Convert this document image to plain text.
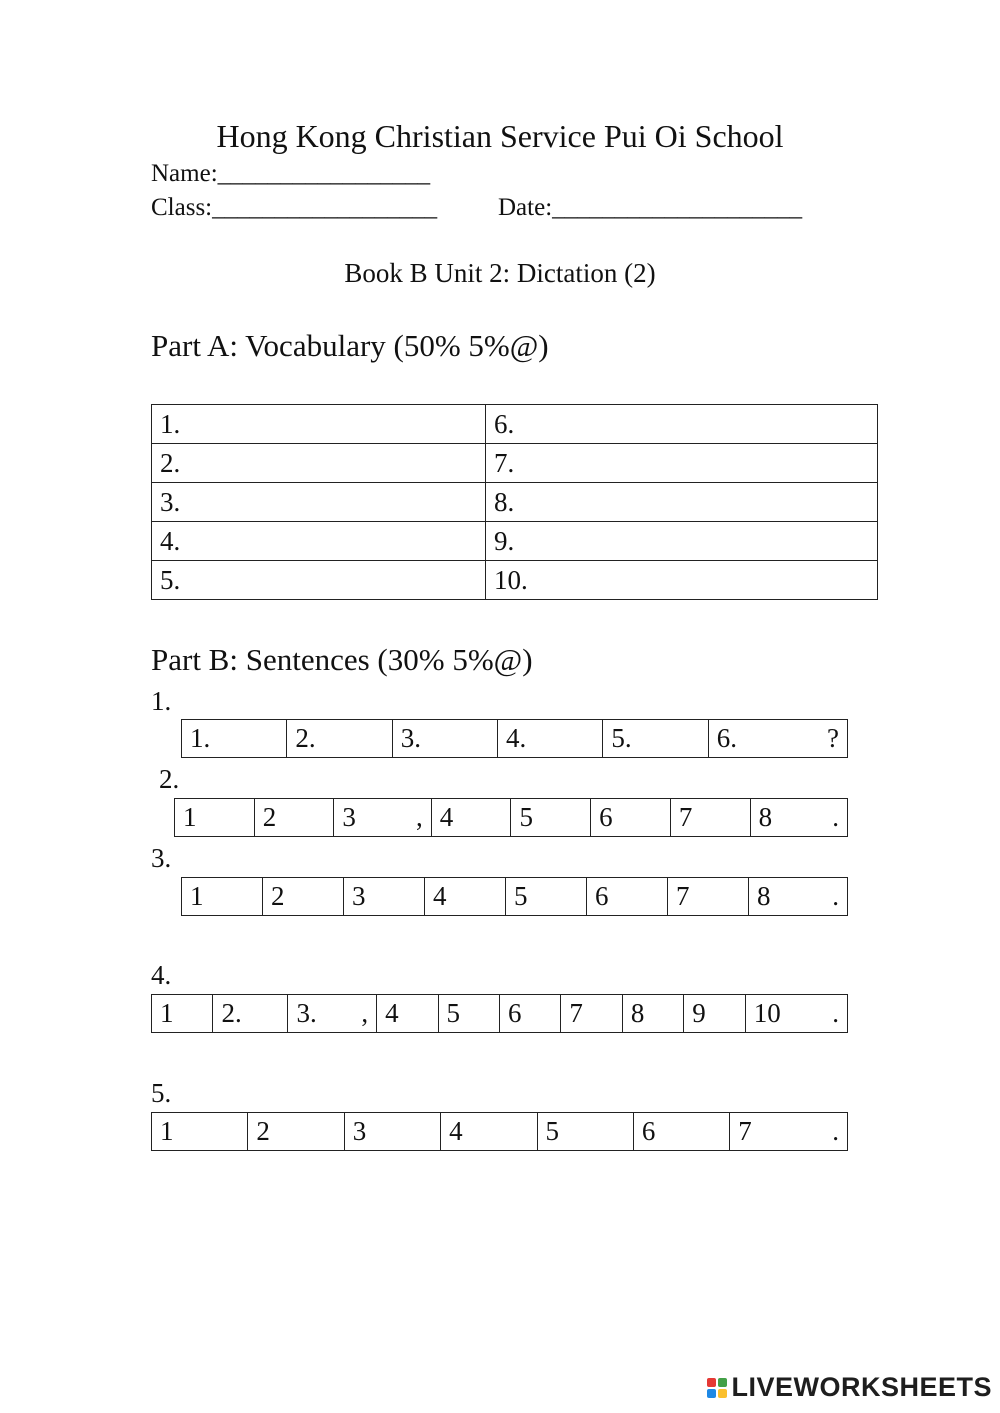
Hong Kong Christian Service Pui Oi School
Name:_________________
Class:__________________ Date:____________________
Book B Unit 2: Dictation (2)
Part A: Vocabulary (50% 5%@)
1.	6.
2.	7.
3.	8.
4.	9.
5.	10.
Part B: Sentences (30% 5%@)
1.
1.	2.	3.	4.	5.	6.	?
2.
1	2	3 ,	4	5	6	7	8 .
3.
1	2	3	4	5	6	7	8 .
4.
1	2.	3. ,	4	5	6	7	8	9	10 .
5.
1	2	3	4	5	6	7	.
LIVEWORKSHEETS
